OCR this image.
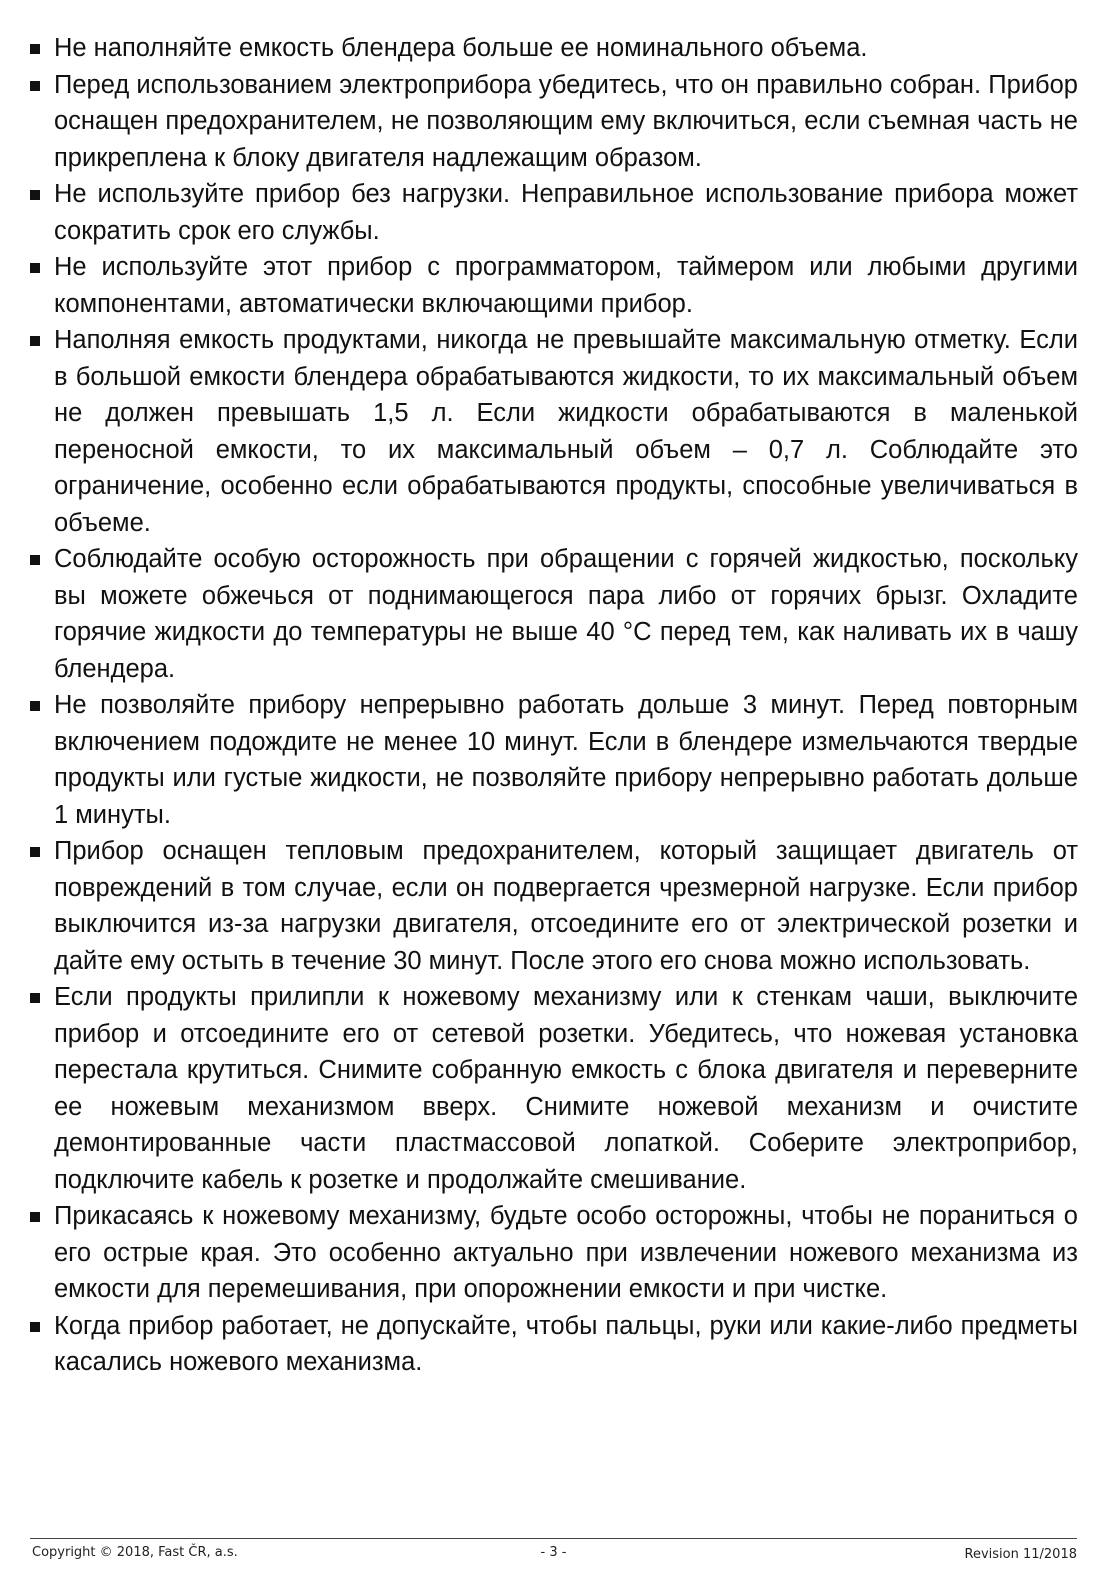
Не наполняйте емкость блендера больше ее номинального объема.
Перед использованием электроприбора убедитесь, что он правильно собран. Прибор оснащен предохранителем, не позволяющим ему включиться, если съемная часть не прикреплена к блоку двигателя надлежащим образом.
Не используйте прибор без нагрузки. Неправильное использование прибора может сократить срок его службы.
Не используйте этот прибор с программатором, таймером или любыми другими компонентами, автоматически включающими прибор.
Наполняя емкость продуктами, никогда не превышайте максимальную отметку. Если в большой емкости блендера обрабатываются жидкости, то их максимальный объем не должен превышать 1,5 л. Если жидкости обрабатываются в маленькой переносной емкости, то их максимальный объем – 0,7 л. Соблюдайте это ограничение, особенно если обрабатываются продукты, способные увеличиваться в объеме.
Соблюдайте особую осторожность при обращении с горячей жидкостью, поскольку вы можете обжечься от поднимающегося пара либо от горячих брызг. Охладите горячие жидкости до температуры не выше 40 °C перед тем, как наливать их в чашу блендера.
Не позволяйте прибору непрерывно работать дольше 3 минут. Перед повторным включением подождите не менее 10 минут. Если в блендере измельчаются твердые продукты или густые жидкости, не позволяйте прибору непрерывно работать дольше 1 минуты.
Прибор оснащен тепловым предохранителем, который защищает двигатель от повреждений в том случае, если он подвергается чрезмерной нагрузке. Если прибор выключится из-за нагрузки двигателя, отсоедините его от электрической розетки и дайте ему остыть в течение 30 минут. После этого его снова можно использовать.
Если продукты прилипли к ножевому механизму или к стенкам чаши, выключите прибор и отсоедините его от сетевой розетки. Убедитесь, что ножевая установка перестала крутиться. Снимите собранную емкость с блока двигателя и переверните ее ножевым механизмом вверх. Снимите ножевой механизм и очистите демонтированные части пластмассовой лопаткой. Соберите электроприбор, подключите кабель к розетке и продолжайте смешивание.
Прикасаясь к ножевому механизму, будьте особо осторожны, чтобы не пораниться о его острые края. Это особенно актуально при извлечении ножевого механизма из емкости для перемешивания, при опорожнении емкости и при чистке.
Когда прибор работает, не допускайте, чтобы пальцы, руки или какие-либо предметы касались ножевого механизма.
Copyright © 2018, Fast ČR, a.s.	- 3 -	Revision 11/2018
